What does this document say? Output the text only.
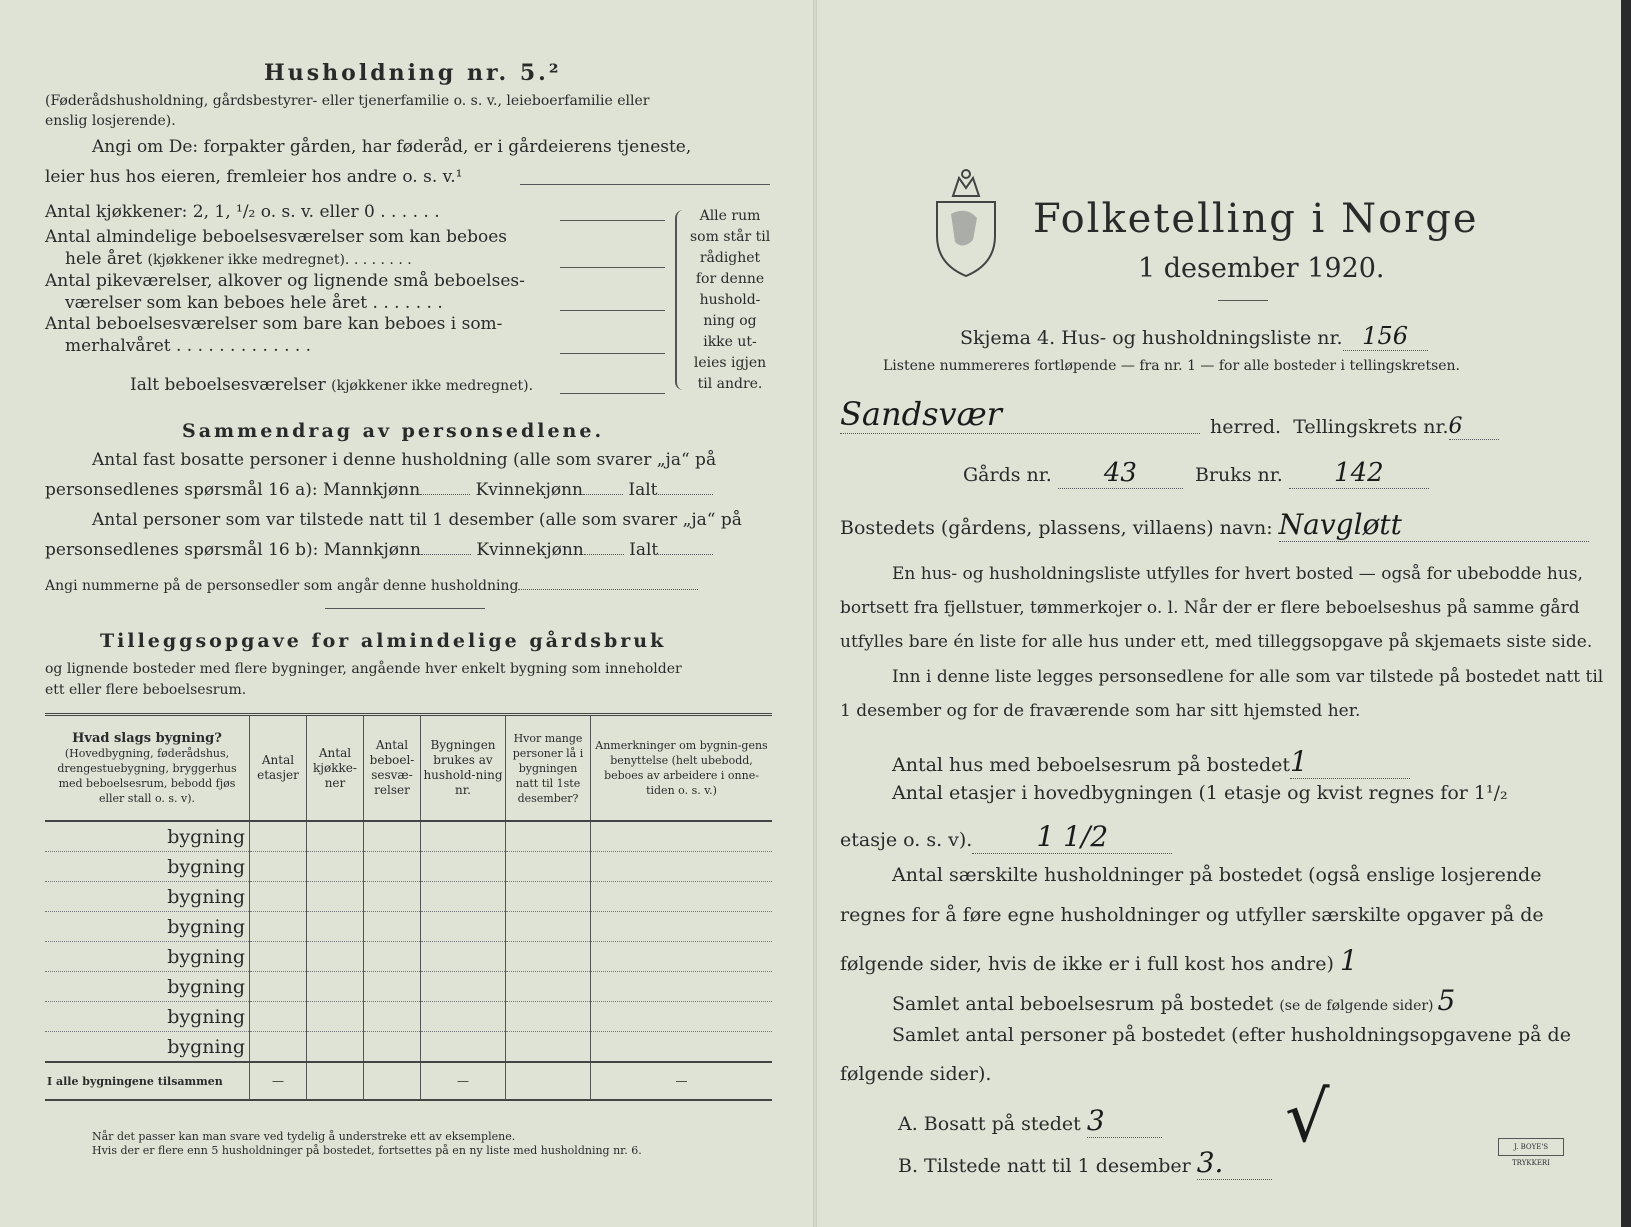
Husholdning nr. 5.²
(Føderådshusholdning, gårdsbestyrer- eller tjenerfamilie o. s. v., leieboerfamilie eller
enslig losjerende).
Angi om De: forpakter gården, har føderåd, er i gårdeierens tjeneste,
leier hus hos eieren, fremleier hos andre o. s. v.¹
Antal kjøkkener: 2, 1, ¹/₂ o. s. v. eller 0 . . . . . .
Antal almindelige beboelsesværelser som kan beboes
hele året (kjøkkener ikke medregnet). . . . . . . .
Antal pikeværelser, alkover og lignende små beboelses-
værelser som kan beboes hele året . . . . . . .
Antal beboelsesværelser som bare kan beboes i som-
merhalvåret . . . . . . . . . . . . .
Ialt beboelsesværelser (kjøkkener ikke medregnet).
Alle rum
som står til
rådighet
for denne
hushold-
ning og
ikke ut-
leies igjen
til andre.
Sammendrag av personsedlene.
Antal fast bosatte personer i denne husholdning (alle som svarer „ja“ på
personsedlenes spørsmål 16 a): Mannkjønn	Kvinnekjønn	Ialt
Antal personer som var tilstede natt til 1 desember (alle som svarer „ja“ på
personsedlenes spørsmål 16 b): Mannkjønn	Kvinnekjønn	Ialt
Angi nummerne på de personsedler som angår denne husholdning
Tilleggsopgave for almindelige gårdsbruk
og lignende bosteder med flere bygninger, angående hver enkelt bygning som inneholder
ett eller flere beboelsesrum.
Hvad slags bygning?
(Hovedbygning, føderådshus, drengestuebygning, bryggerhus med beboelsesrum, bebodd fjøs eller stall o. s. v).	Antal etasjer	Antal kjøkke-ner	Antal beboel-sesvæ-relser	Bygningen brukes av hushold-ning nr.	Hvor mange personer lå i bygningen natt til 1ste desember?	Anmerkninger om bygnin-gens benyttelse (helt ubebodd, beboes av arbeidere i onne-tiden o. s. v.)
bygning						
bygning						
bygning						
bygning						
bygning						
bygning						
bygning						
bygning						
I alle bygningene tilsammen	—			—		—
Når det passer kan man svare ved tydelig å understreke ett av eksemplene.
Hvis der er flere enn 5 husholdninger på bostedet, fortsettes på en ny liste med husholdning nr. 6.
Folketelling i Norge
1 desember 1920.
Skjema 4. Hus- og husholdningsliste nr. 156
Listene nummereres fortløpende — fra nr. 1 — for alle bosteder i tellingskretsen.
Sandsvær	herred. Tellingskrets nr.6
Gårds nr. 43	Bruks nr. 142
Bostedets (gårdens, plassens, villaens) navn: Navgløtt
En hus- og husholdningsliste utfylles for hvert bosted — også for ubebodde hus,
bortsett fra fjellstuer, tømmerkojer o. l. Når der er flere beboelseshus på samme gård
utfylles bare én liste for alle hus under ett, med tilleggsopgave på skjemaets siste side.
Inn i denne liste legges personsedlene for alle som var tilstede på bostedet natt til
1 desember og for de fraværende som har sitt hjemsted her.
Antal hus med beboelsesrum på bostedet1
Antal etasjer i hovedbygningen (1 etasje og kvist regnes for 1¹/₂
etasje o. s. v). 1 1/2
Antal særskilte husholdninger på bostedet (også enslige losjerende
regnes for å føre egne husholdninger og utfyller særskilte opgaver på de
følgende sider, hvis de ikke er i full kost hos andre) 1
Samlet antal beboelsesrum på bostedet (se de følgende sider) 5
Samlet antal personer på bostedet (efter husholdningsopgavene på de
følgende sider).
A. Bosatt på stedet 3
B. Tilstede natt til 1 desember 3.
√	J. BOYE'S TRYKKERI
